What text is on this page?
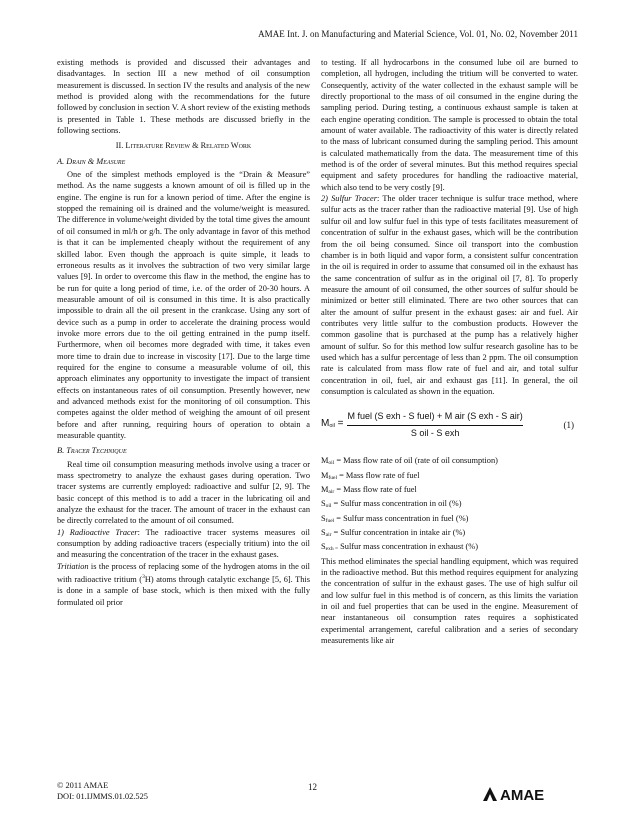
AMAE Int. J. on Manufacturing and Material Science, Vol. 01, No. 02, November 2011

existing methods is provided and discussed their advantages and disadvantages. In section III a new method of oil consumption measurement is discussed. In section IV the results and analysis of the new method is provided along with the recommendations for the future followed by conclusion in section V. A short review of the existing methods is presented in Table 1. These methods are discussed briefly in the following sections.

II. Literature Review & Related Work

A. Drain & Measure

One of the simplest methods employed is the “Drain & Measure” method. As the name suggests a known amount of oil is filled up in the engine. The engine is run for a known period of time. After the engine is stopped the remaining oil is drained and the volume/weight is measured. The difference in volume/weight divided by the total time gives the amount of oil consumed in ml/h or g/h. The only advantage in favor of this method is that it can be implemented cheaply without the requirement of any skilled labor. Even though the approach is quite simple, it leads to erroneous results as it involves the subtraction of two very similar large values [9]. In order to overcome this flaw in the method, the engine has to be run for quite a long period of time, i.e. of the order of 20-30 hours. A measurable amount of oil is consumed in this time. It is also practically impossible to drain all the oil present in the crankcase. Using any sort of device such as a pump in order to accelerate the draining process would invoke more errors due to the oil getting entrained in the pump itself. Furthermore, when oil becomes more degraded with time, it takes even more time to drain due to increase in viscosity [17]. Due to the large time required for the engine to consume a measurable volume of oil, this approach eliminates any opportunity to investigate the impact of transient effects on instantaneous rates of oil consumption. Presently however, new and advanced methods exist for the monitoring of oil consumption. This competes against the older method of weighing the amount of oil present before and after running, requiring hours of operation to obtain a measurable quantity.

B. Tracer Technique

Real time oil consumption measuring methods involve using a tracer or mass spectrometry to analyze the exhaust gases during operation. Two tracer systems are currently employed: radioactive and sulfur [2, 9]. The basic concept of this method is to add a tracer in the lubricating oil and analyze the exhaust for the tracer. The amount of tracer in the exhaust can be directly correlated to the amount of oil consumed.

1) Radioactive Tracer: The radioactive tracer systems measures oil consumption by adding radioactive tracers (especially tritium) into the oil and measuring the concentration of the tracer in the exhaust gases.

Tritiation is the process of replacing some of the hydrogen atoms in the oil with radioactive tritium ($^3$H) atoms through catalytic exchange [5, 6]. This is done in a sample of base stock, which is then mixed with the fully formulated oil prior

to testing. If all hydrocarbons in the consumed lube oil are burned to completion, all hydrogen, including the tritium will be converted to water. Consequently, activity of the water collected in the exhaust sample will be directly proportional to the mass of oil consumed in the engine during the sampling period. During testing, a continuous exhaust sample is taken at each engine operating condition. The sample is processed to obtain the total amount of water available. The radioactivity of this water is directly related to the mass of lubricant consumed during the sampling period. This amount is calculated mathematically from the data. The measurement time of this method is of the order of several minutes. But this method requires special equipment and safety procedures for handling the radioactive material, which also tend to be very costly [9].

2) Sulfur Tracer: The older tracer technique is sulfur trace method, where sulfur acts as the tracer rather than the radioactive material [9]. Use of high sulfur oil and low sulfur fuel in this type of tests facilitates measurement of concentration of sulfur in the exhaust gases, which will be the contribution from the oil being consumed. Since oil transport into the combustion chamber is in both liquid and vapor form, a consistent sulfur concentration in the oil is required in order to assume that consumed oil in the exhaust has the same concentration of sulfur as in the original oil [7, 8]. To properly measure the amount of oil consumed, the other sources of sulfur should be minimized or better still eliminated. There are two other sources that can alter the amount of sulfur present in the exhaust gases: air and fuel. Air contributes very little sulfur to the combustion products. However the common gasoline that is purchased at the pump has a relatively higher amount of sulfur. So for this method low sulfur research gasoline has to be used which has a sulfur percentage of less than 2 ppm. The oil consumption rate is calculated from mass flow rate of fuel and air, and total sulfur concentration in oil, fuel, air and exhaust gas [11]. In general, the oil consumption is calculated as shown in the equation.

$M_{oil} = \frac{\text{M fuel (S exh - S fuel) + M air (S exh - S air)}}{\text{S oil - S exh}}$	(1)

$M_{oil}$ = Mass flow rate of oil (rate of oil consumption)

$M_{fuel}$ = Mass flow rate of fuel

$M_{air}$ = Mass flow rate of fuel

$S_{oil}$ = Sulfur mass concentration in oil (%)

$S_{fuel}$ = Sulfur mass concentration in fuel (%)

$S_{air}$ = Sulfur concentration in intake air (%)

$S_{exh =}$ Sulfur mass concentration in exhaust (%)

This method eliminates the special handling equipment, which was required in the radioactive method. But this method requires equipment for analyzing the concentration of sulfur in the exhaust gases. The use of high sulfur oil and low sulfur fuel in this method is of concern, as this limits the variation in oil and fuel properties that can be used in the engine. Measurement of near instantaneous oil consumption rates requires a sophisticated experimental arrangement, careful calibration and a series of secondary measurements like air

12
© 2011 AMAE
DOI: 01.IJMMS.01.02.525	AMAE
